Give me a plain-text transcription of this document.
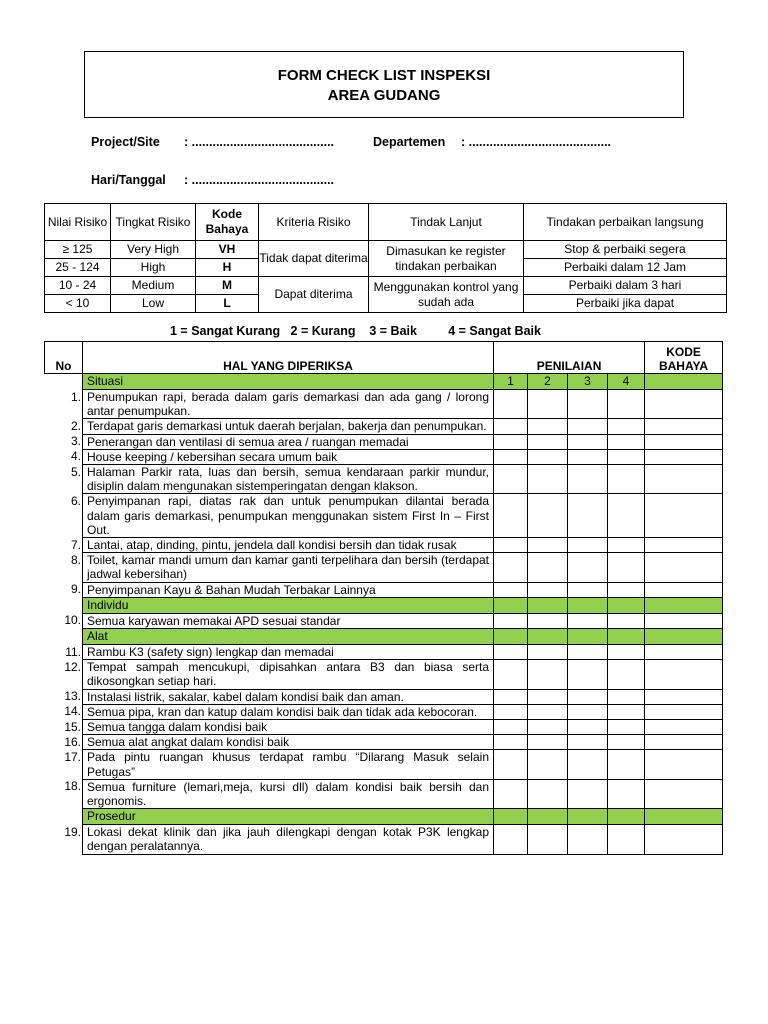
FORM CHECK LIST INSPEKSI
AREA GUDANG
Project/Site : .........................................	Departemen : .........................................
Hari/Tanggal : .........................................
Nilai Risiko	Tingkat Risiko	Kode Bahaya	Kriteria Risiko	Tindak Lanjut	Tindakan perbaikan langsung
≥ 125	Very High	VH	Tidak dapat diterima	Dimasukan ke register tindakan perbaikan	Stop & perbaiki segera
25 - 124	High	H			Perbaiki dalam 12 Jam
10 - 24	Medium	M	Dapat diterima	Menggunakan kontrol yang sudah ada	Perbaiki dalam 3 hari
< 10	Low	L			Perbaiki jika dapat
1 = Sangat Kurang   2 = Kurang    3 = Baik         4 = Sangat Baik
No	HAL YANG DIPERIKSA	PENILAIAN				KODE BAHAYA
	Situasi	1	2	3	4	
1.	Penumpukan rapi, berada dalam garis demarkasi dan ada gang / lorong antar penumpukan.					
2.	Terdapat garis demarkasi untuk daerah berjalan, bakerja dan penumpukan.					
3.	Penerangan dan ventilasi di semua area / ruangan memadai					
4.	House keeping / kebersihan secara umum baik					
5.	Halaman Parkir rata, luas dan bersih, semua kendaraan parkir mundur, disiplin dalam mengunakan sistemperingatan dengan klakson.					
6.	Penyimpanan rapi, diatas rak dan untuk penumpukan dilantai berada dalam garis demarkasi, penumpukan menggunakan sistem First In – First Out.					
7.	Lantai, atap, dinding, pintu, jendela dall kondisi bersih dan tidak rusak					
8.	Toilet, kamar mandi umum dan kamar ganti terpelihara dan bersih (terdapat jadwal kebersihan)					
9.	Penyimpanan Kayu & Bahan Mudah Terbakar Lainnya					
	Individu					
10.	Semua karyawan memakai APD sesuai standar					
	Alat					
11.	Rambu K3 (safety sign) lengkap dan memadai					
12.	Tempat sampah mencukupi, dipisahkan antara B3 dan biasa serta dikosongkan setiap hari.					
13.	Instalasi listrik, sakalar, kabel dalam kondisi baik dan aman.					
14.	Semua pipa, kran dan katup dalam kondisi baik dan tidak ada kebocoran.					
15.	Semua tangga dalam kondisi baik					
16.	Semua alat angkat dalam kondisi baik					
17.	Pada pintu ruangan khusus terdapat rambu “Dilarang Masuk selain Petugas”					
18.	Semua furniture (lemari,meja, kursi dll) dalam kondisi baik bersih dan ergonomis.					
	Prosedur					
19.	Lokasi dekat klinik dan jika jauh dilengkapi dengan kotak P3K lengkap dengan peralatannya.					
